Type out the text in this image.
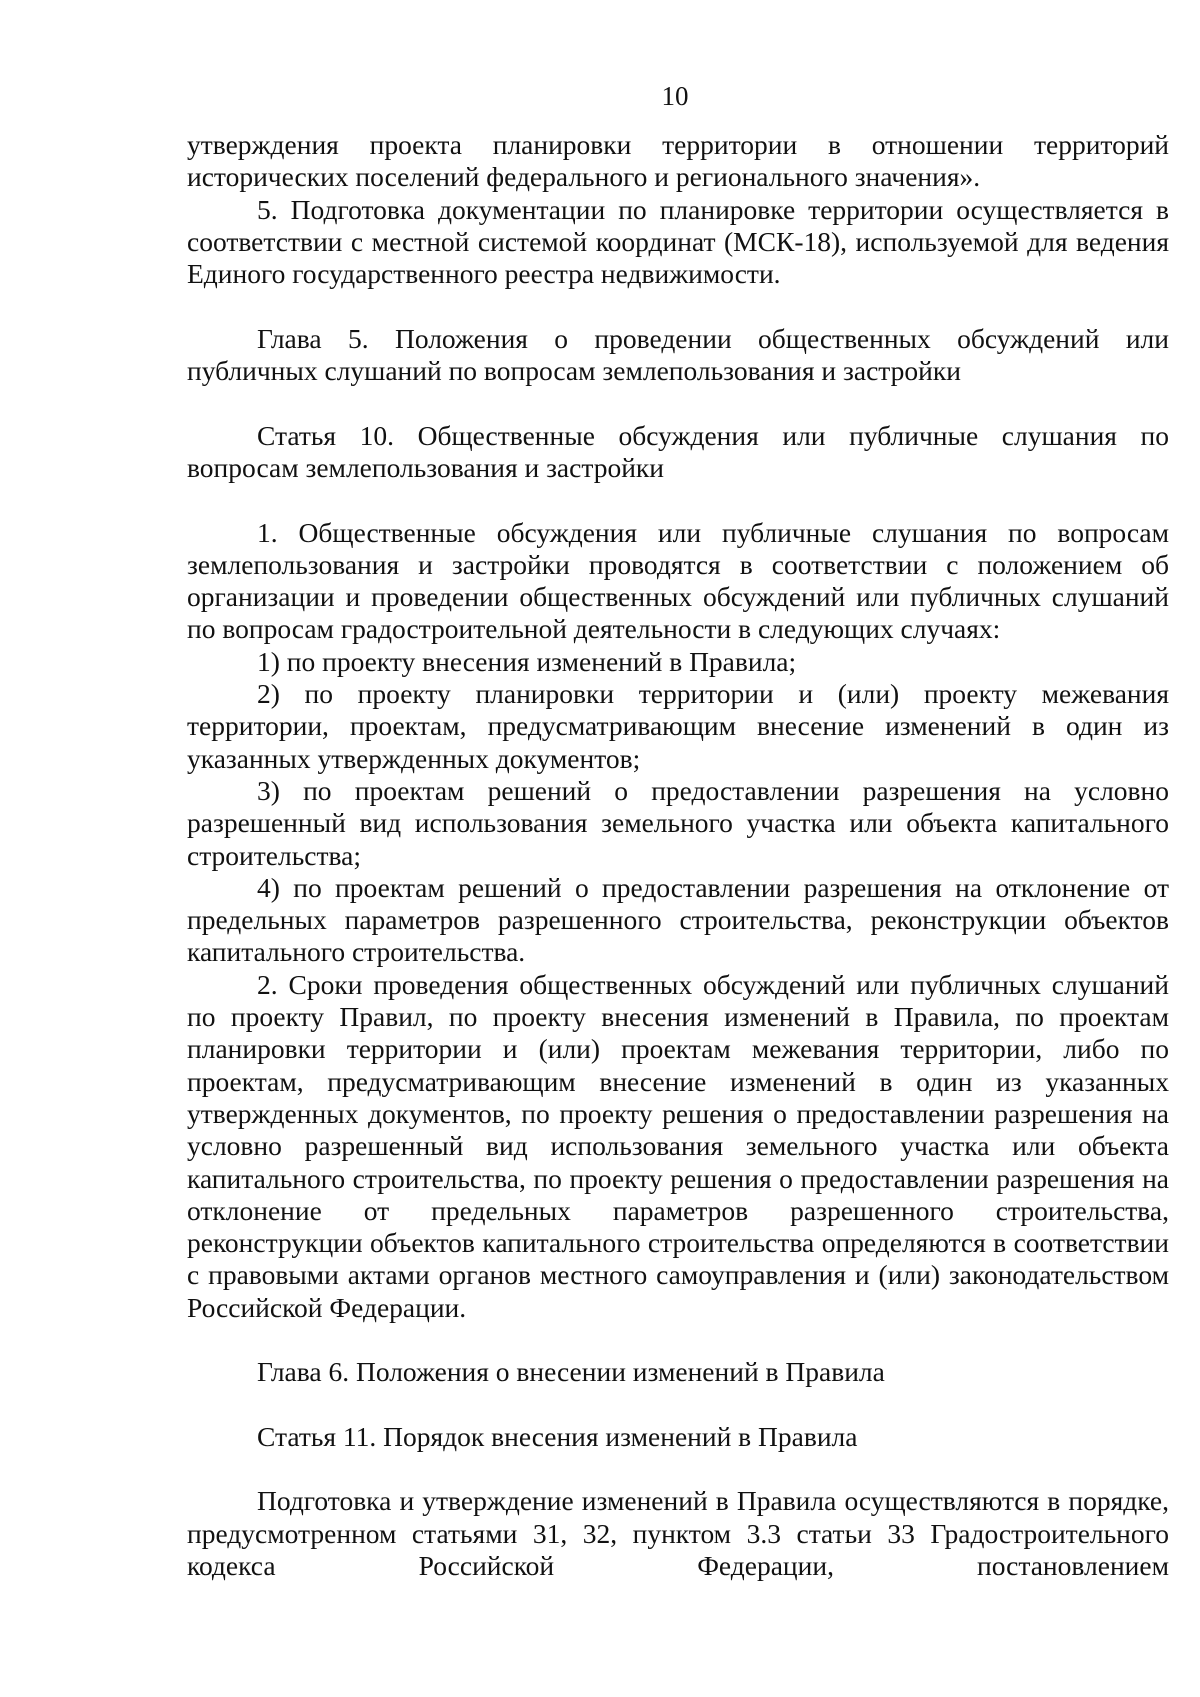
10

утверждения проекта планировки территории в отношении территорий исторических поселений федерального и регионального значения».

5. Подготовка документации по планировке территории осуществляется в соответствии с местной системой координат (МСК-18), используемой для ведения Единого государственного реестра недвижимости.

Глава 5. Положения о проведении общественных обсуждений или публичных слушаний по вопросам землепользования и застройки

Статья 10. Общественные обсуждения или публичные слушания по вопросам землепользования и застройки

1. Общественные обсуждения или публичные слушания по вопросам землепользования и застройки проводятся в соответствии с положением об организации и проведении общественных обсуждений или публичных слушаний по вопросам градостроительной деятельности в следующих случаях:

1) по проекту внесения изменений в Правила;

2) по проекту планировки территории и (или) проекту межевания территории, проектам, предусматривающим внесение изменений в один из указанных утвержденных документов;

3) по проектам решений о предоставлении разрешения на условно разрешенный вид использования земельного участка или объекта капитального строительства;

4) по проектам решений о предоставлении разрешения на отклонение от предельных параметров разрешенного строительства, реконструкции объектов капитального строительства.

2. Сроки проведения общественных обсуждений или публичных слушаний по проекту Правил, по проекту внесения изменений в Правила, по проектам планировки территории и (или) проектам межевания территории, либо по проектам, предусматривающим внесение изменений в один из указанных утвержденных документов, по проекту решения о предоставлении разрешения на условно разрешенный вид использования земельного участка или объекта капитального строительства, по проекту решения о предоставлении разрешения на отклонение от предельных параметров разрешенного строительства, реконструкции объектов капитального строительства определяются в соответствии с правовыми актами органов местного самоуправления и (или) законодательством Российской Федерации.

Глава 6. Положения о внесении изменений в Правила

Статья 11. Порядок внесения изменений в Правила

Подготовка и утверждение изменений в Правила осуществляются в порядке, предусмотренном статьями 31, 32, пунктом 3.3 статьи 33 Градостроительного кодекса Российской Федерации, постановлением
